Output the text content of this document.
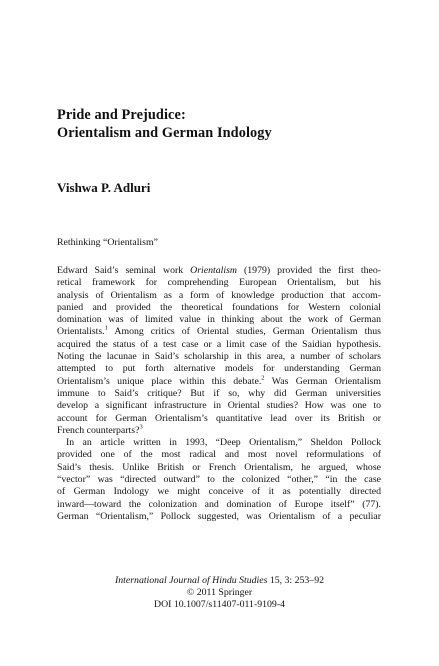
Pride and Prejudice:
Orientalism and German Indology
Vishwa P. Adluri
Rethinking “Orientalism”
Edward Said’s seminal work Orientalism (1979) provided the first theo-
retical framework for comprehending European Orientalism, but his
analysis of Orientalism as a form of knowledge production that accom-
panied and provided the theoretical foundations for Western colonial
domination was of limited value in thinking about the work of German
Orientalists.$^1$ Among critics of Oriental studies, German Orientalism thus
acquired the status of a test case or a limit case of the Saidian hypothesis.
Noting the lacunae in Said’s scholarship in this area, a number of scholars
attempted to put forth alternative models for understanding German
Orientalism’s unique place within this debate.$^2$ Was German Orientalism
immune to Said’s critique? But if so, why did German universities
develop a significant infrastructure in Oriental studies? How was one to
account for German Orientalism’s quantitative lead over its British or
French counterparts?$^3$
In an article written in 1993, “Deep Orientalism,” Sheldon Pollock
provided one of the most radical and most novel reformulations of
Said’s thesis. Unlike British or French Orientalism, he argued, whose
“vector” was “directed outward” to the colonized “other,” “in the case
of German Indology we might conceive of it as potentially directed
inward—toward the colonization and domination of Europe itself” (77).
German “Orientalism,” Pollock suggested, was Orientalism of a peculiar
International Journal of Hindu Studies 15, 3: 253–92
© 2011 Springer
DOI 10.1007/s11407-011-9109-4
